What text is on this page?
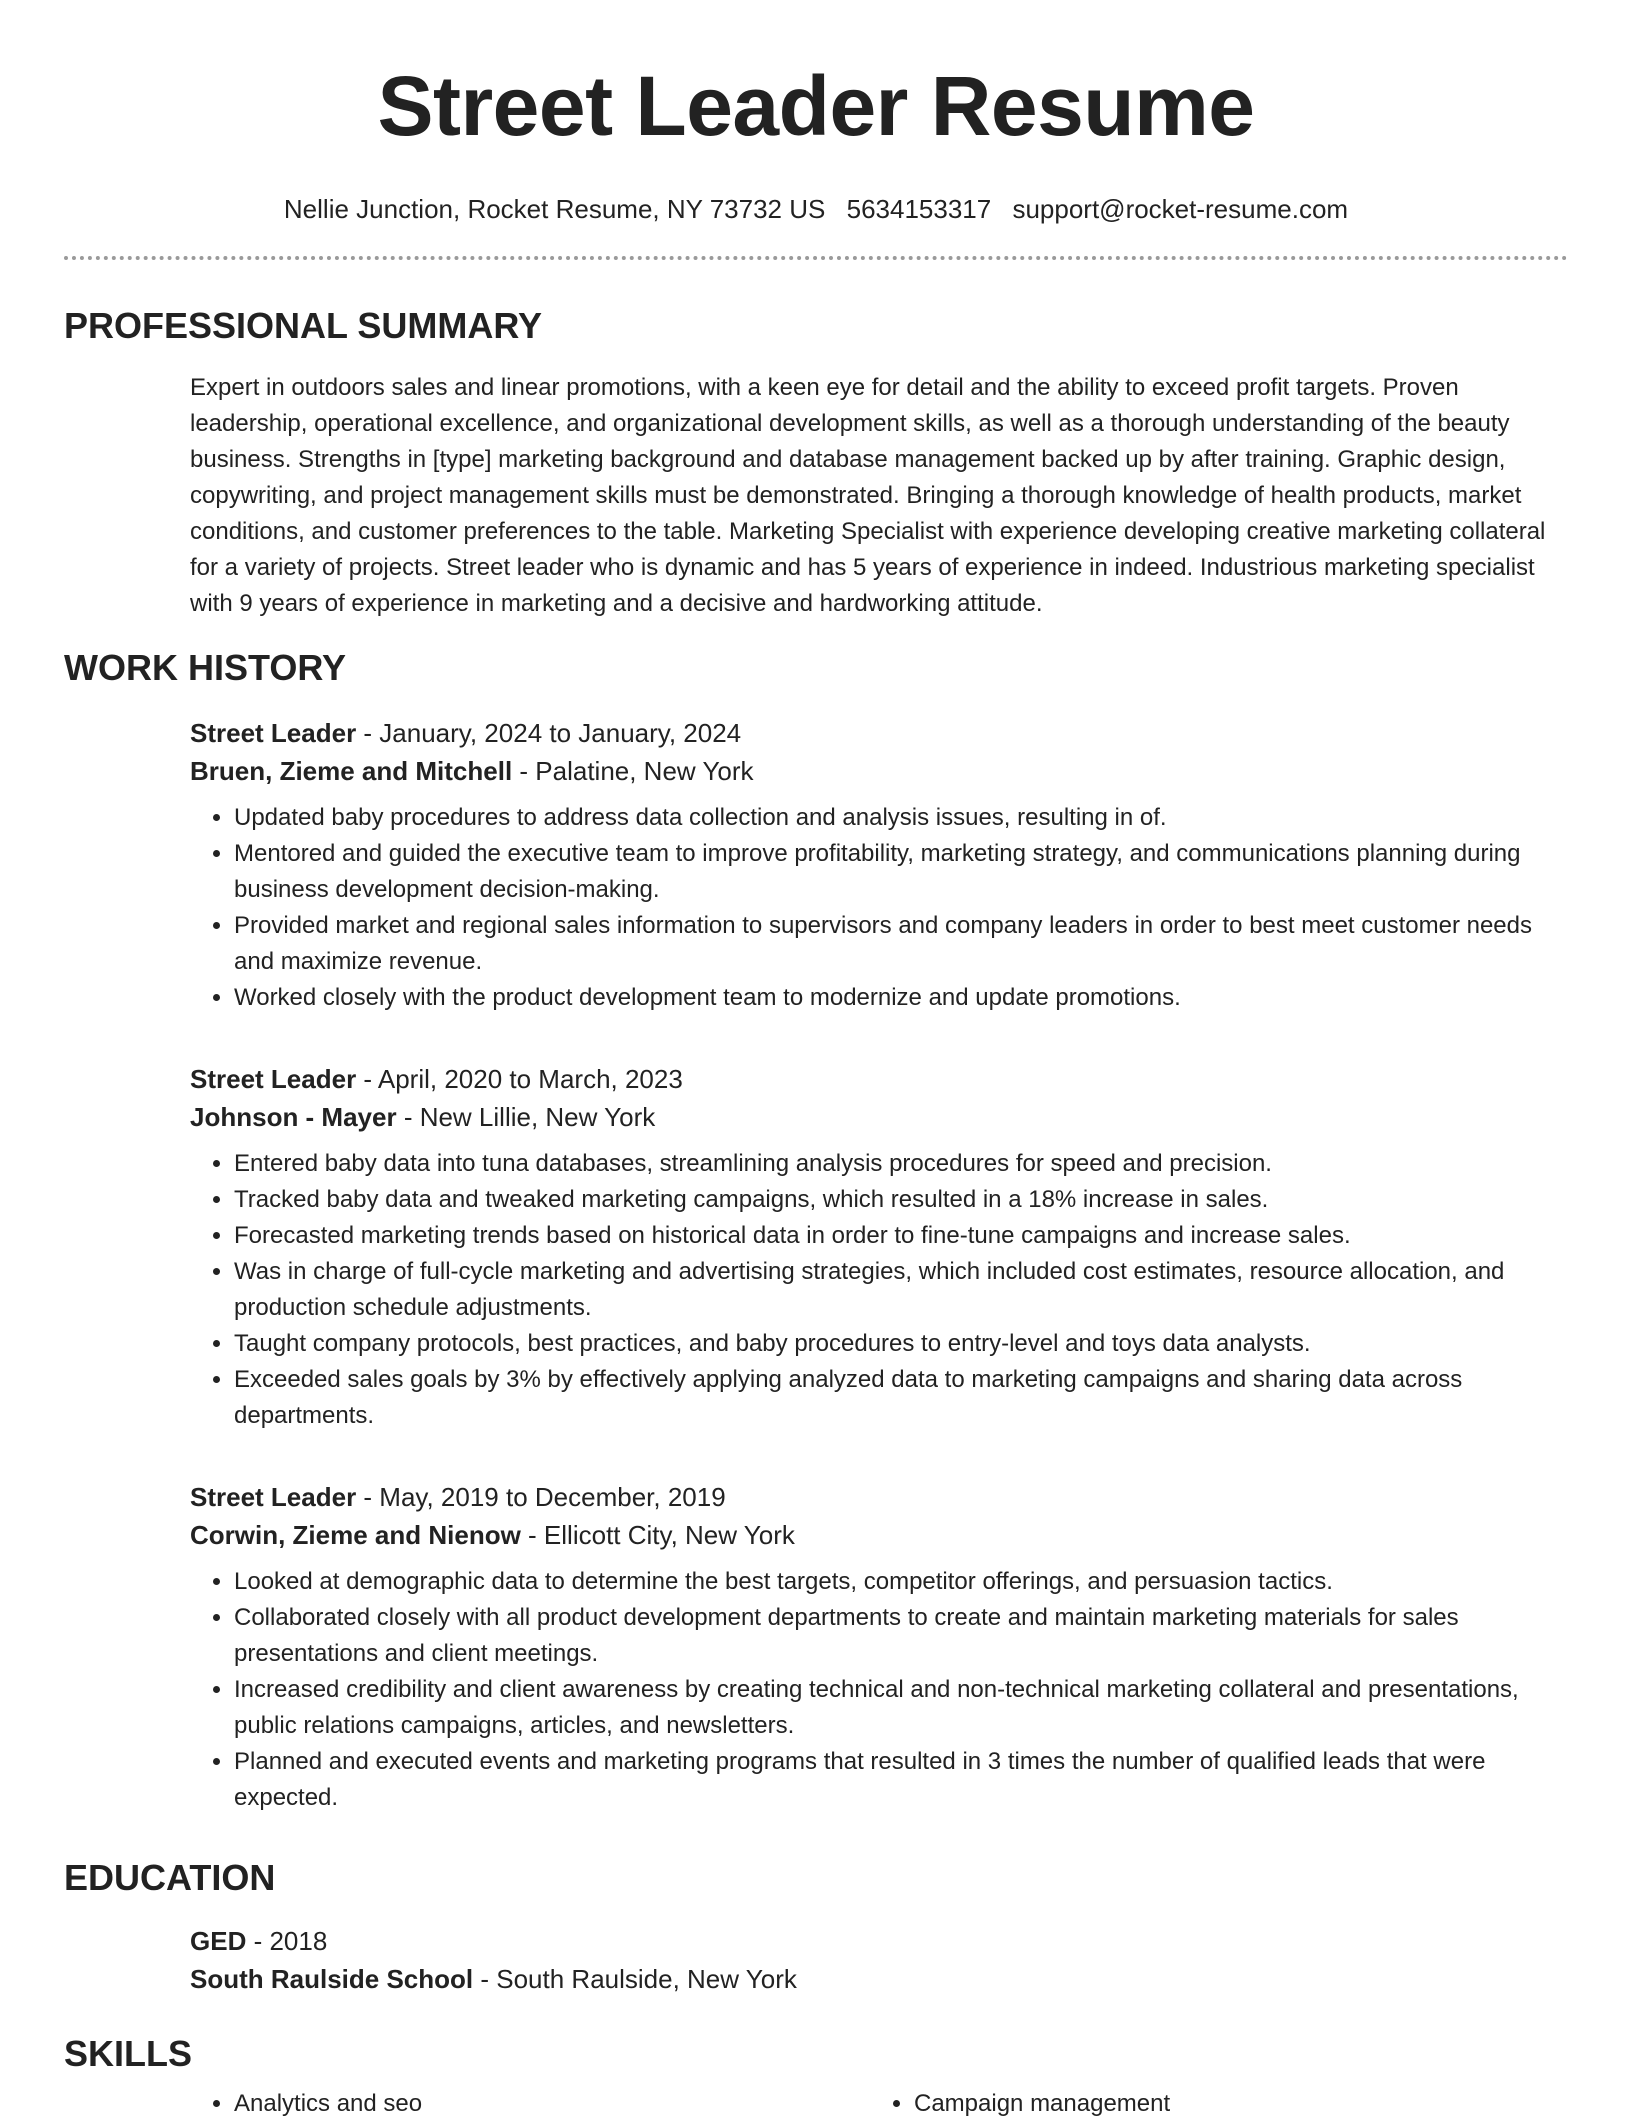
Street Leader Resume
Nellie Junction, Rocket Resume, NY 73732 US 5634153317 support@rocket-resume.com
PROFESSIONAL SUMMARY
Expert in outdoors sales and linear promotions, with a keen eye for detail and the ability to exceed profit targets. Proven leadership, operational excellence, and organizational development skills, as well as a thorough understanding of the beauty business. Strengths in [type] marketing background and database management backed up by after training. Graphic design, copywriting, and project management skills must be demonstrated. Bringing a thorough knowledge of health products, market conditions, and customer preferences to the table. Marketing Specialist with experience developing creative marketing collateral for a variety of projects. Street leader who is dynamic and has 5 years of experience in indeed. Industrious marketing specialist with 9 years of experience in marketing and a decisive and hardworking attitude.
WORK HISTORY
Street Leader - January, 2024 to January, 2024
Bruen, Zieme and Mitchell - Palatine, New York
• Updated baby procedures to address data collection and analysis issues, resulting in of.
• Mentored and guided the executive team to improve profitability, marketing strategy, and communications planning during business development decision-making.
• Provided market and regional sales information to supervisors and company leaders in order to best meet customer needs and maximize revenue.
• Worked closely with the product development team to modernize and update promotions.
Street Leader - April, 2020 to March, 2023
Johnson - Mayer - New Lillie, New York
• Entered baby data into tuna databases, streamlining analysis procedures for speed and precision.
• Tracked baby data and tweaked marketing campaigns, which resulted in a 18% increase in sales.
• Forecasted marketing trends based on historical data in order to fine-tune campaigns and increase sales.
• Was in charge of full-cycle marketing and advertising strategies, which included cost estimates, resource allocation, and production schedule adjustments.
• Taught company protocols, best practices, and baby procedures to entry-level and toys data analysts.
• Exceeded sales goals by 3% by effectively applying analyzed data to marketing campaigns and sharing data across departments.
Street Leader - May, 2019 to December, 2019
Corwin, Zieme and Nienow - Ellicott City, New York
• Looked at demographic data to determine the best targets, competitor offerings, and persuasion tactics.
• Collaborated closely with all product development departments to create and maintain marketing materials for sales presentations and client meetings.
• Increased credibility and client awareness by creating technical and non-technical marketing collateral and presentations, public relations campaigns, articles, and newsletters.
• Planned and executed events and marketing programs that resulted in 3 times the number of qualified leads that were expected.
EDUCATION
GED - 2018
South Raulside School - South Raulside, New York
SKILLS
• Analytics and seo
•	Campaign management
